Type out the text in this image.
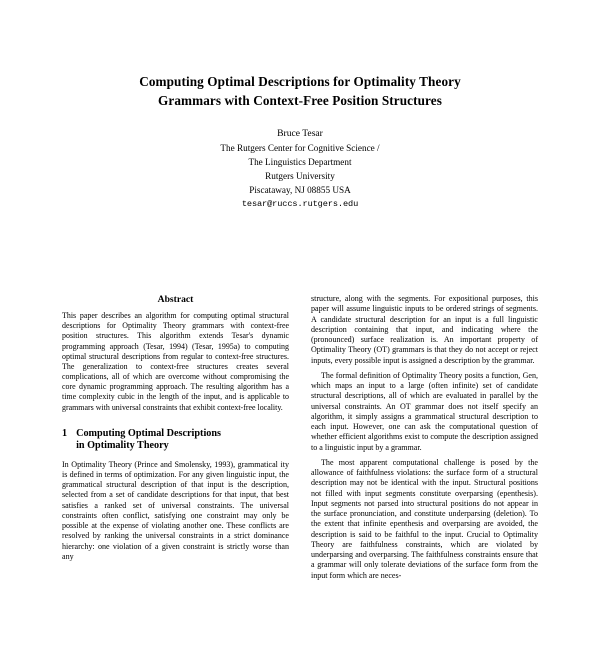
Computing Optimal Descriptions for Optimality Theory
Grammars with Context-Free Position Structures
Bruce Tesar
The Rutgers Center for Cognitive Science /
The Linguistics Department
Rutgers University
Piscataway, NJ 08855 USA
tesar@ruccs.rutgers.edu
Abstract

This paper describes an algorithm for computing optimal structural descriptions for Optimality Theory grammars with context-free position structures. This algorithm extends Tesar's dynamic programming approach (Tesar, 1994) (Tesar, 1995a) to computing optimal structural descriptions from regular to context-free structures. The generalization to context-free structures creates several complications, all of which are overcome without compromising the core dynamic programming approach. The resulting algorithm has a time complexity cubic in the length of the input, and is applicable to grammars with universal constraints that exhibit context-free locality.

1 Computing Optimal Descriptions
in Optimality Theory

In Optimality Theory (Prince and Smolensky, 1993), grammatical ity is defined in terms of optimization. For any given linguistic input, the grammatical structural description of that input is the description, selected from a set of candidate descriptions for that input, that best satisfies a ranked set of universal constraints. The universal constraints often conflict, satisfying one constraint may only be possible at the expense of violating another one. These conflicts are resolved by ranking the universal constraints in a strict dominance hierarchy: one violation of a given constraint is strictly worse than any

structure, along with the segments. For expositional purposes, this paper will assume linguistic inputs to be ordered strings of segments. A candidate structural description for an input is a full linguistic description containing that input, and indicating where the (pronounced) surface realization is. An important property of Optimality Theory (OT) grammars is that they do not accept or reject inputs, every possible input is assigned a description by the grammar.

The formal definition of Optimality Theory posits a function, Gen, which maps an input to a large (often infinite) set of candidate structural descriptions, all of which are evaluated in parallel by the universal constraints. An OT grammar does not itself specify an algorithm, it simply assigns a grammatical structural description to each input. However, one can ask the computational question of whether efficient algorithms exist to compute the description assigned to a linguistic input by a grammar.

The most apparent computational challenge is posed by the allowance of faithfulness violations: the surface form of a structural description may not be identical with the input. Structural positions not filled with input segments constitute overparsing (epenthesis). Input segments not parsed into structural positions do not appear in the surface pronunciation, and constitute underparsing (deletion). To the extent that infinite epenthesis and overparsing are avoided, the description is said to be faithful to the input. Crucial to Optimality Theory are faithfulness constraints, which are violated by underparsing and overparsing. The faithfulness constraints ensure that a grammar will only tolerate deviations of the surface form from the input form which are neces-
